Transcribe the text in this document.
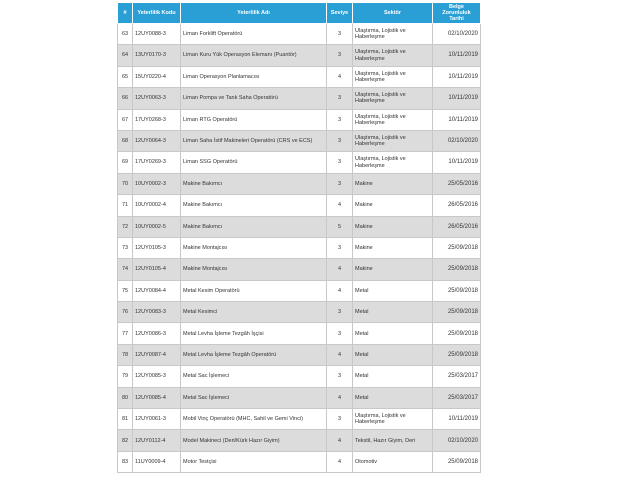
#	Yeterlilik Kodu	Yeterlilik Adı	Seviye	Sektör	Belge Zorunluluk Tarihi
63	12UY0088-3	Liman Forklift Operatörü	3	Ulaştırma, Lojistik ve Haberleşme	02/10/2020
64	13UY0170-3	Liman Kuru Yük Operasyon Elemanı (Puantör)	3	Ulaştırma, Lojistik ve Haberleşme	10/11/2019
65	15UY0220-4	Liman Operasyon Planlamacısı	4	Ulaştırma, Lojistik ve Haberleşme	10/11/2019
66	12UY0063-3	Liman Pompa ve Tank Saha Operatörü	3	Ulaştırma, Lojistik ve Haberleşme	10/11/2019
67	17UY0268-3	Liman RTG Operatörü	3	Ulaştırma, Lojistik ve Haberleşme	10/11/2019
68	12UY0064-3	Liman Saha İstif Makineleri Operatörü (CRS ve ECS)	3	Ulaştırma, Lojistik ve Haberleşme	02/10/2020
69	17UY0269-3	Liman SSG Operatörü	3	Ulaştırma, Lojistik ve Haberleşme	10/11/2019
70	10UY0002-3	Makine Bakımcı	3	Makine	25/05/2016
71	10UY0002-4	Makine Bakımcı	4	Makine	26/05/2016
72	10UY0002-5	Makine Bakımcı	5	Makine	26/05/2016
73	12UY0105-3	Makine Montajcısı	3	Makine	25/09/2018
74	12UY0105-4	Makine Montajcısı	4	Makine	25/09/2018
75	12UY0084-4	Metal Kesim Operatörü	4	Metal	25/09/2018
76	12UY0083-3	Metal Kesimci	3	Metal	25/09/2018
77	12UY0086-3	Metal Levha İşleme Tezgâh İşçisi	3	Metal	25/09/2018
78	12UY0087-4	Metal Levha İşleme Tezgâh Operatörü	4	Metal	25/09/2018
79	12UY0085-3	Metal Sac İşlemeci	3	Metal	25/03/2017
80	12UY0085-4	Metal Sac İşlemeci	4	Metal	25/03/2017
81	12UY0061-3	Mobil Vinç Operatörü (MHC, Sahil ve Gemi Vinci)	3	Ulaştırma, Lojistik ve Haberleşme	10/11/2019
82	12UY0112-4	Model Makineci (Deri/Kürk Hazır Giyim)	4	Tekstil, Hazır Giyim, Deri	02/10/2020
83	11UY0009-4	Motor Testçisi	4	Otomotiv	25/09/2018
